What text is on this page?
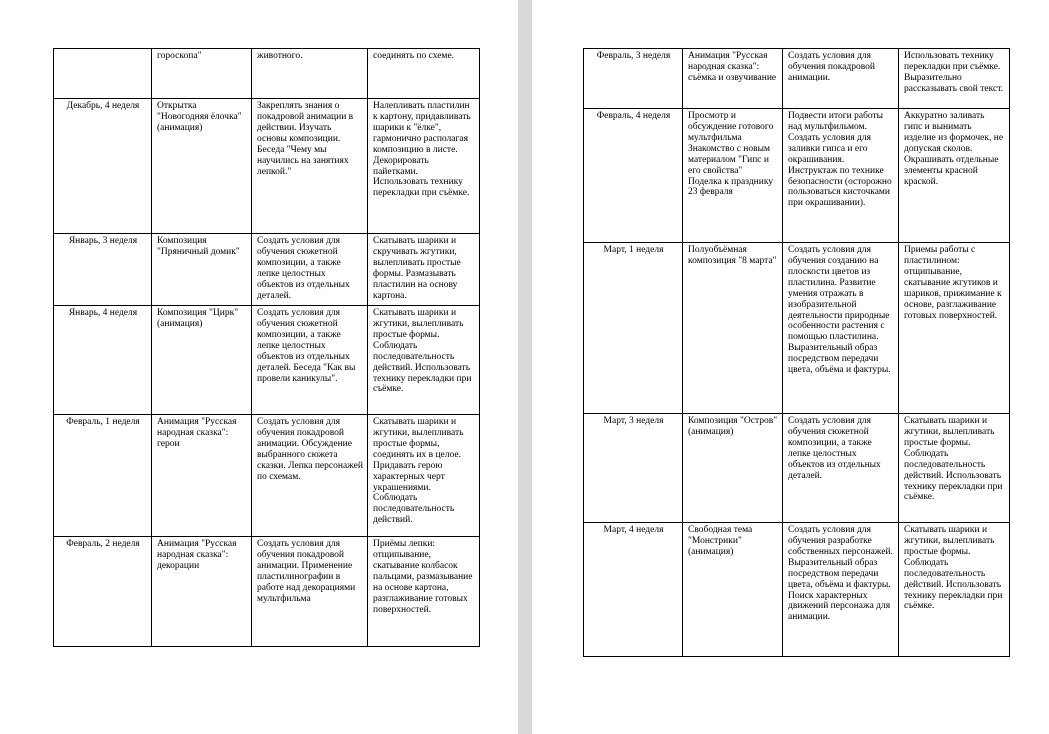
	гороскопа"	животного.	соединять по схеме.
Декабрь, 4 неделя	Открытка "Новогодняя ёлочка" (анимация)	Закреплять знания о покадровой анимации в действии. Изучать основы композиции. Беседа "Чему мы научились на занятиях лепкой."	Налепливать пластилин к картону, придавливать шарики к "ёлке", гармонично располагая композицию в листе. Декорировать пайетками. Использовать технику перекладки при съёмке.
Январь, 3 неделя	Композиция "Пряничный домик"	Создать условия для обучения сюжетной композиции, а также лепке целостных объектов из отдельных деталей.	Скатывать шарики и скручивать жгутики, вылепливать простые формы. Размазывать пластилин на основу картона.
Январь, 4 неделя	Композиция "Цирк" (анимация)	Создать условия для обучения сюжетной композиции, а также лепке целостных объектов из отдельных деталей. Беседа "Как вы провели каникулы".	Скатывать шарики и жгутики, вылепливать простые формы. Соблюдать последовательность действий. Использовать технику перекладки при съёмке.
Февраль, 1 неделя	Анимация "Русская народная сказка": герои	Создать условия для обучения покадровой анимации. Обсуждение выбранного сюжета сказки. Лепка персонажей по схемам.	Скатывать шарики и жгутики, вылепливать простые формы, соединять их в целое. Придавать герою характерных черт украшениями. Соблюдать последовательность действий.
Февраль, 2 неделя	Анимация "Русская народная сказка": декорации	Создать условия для обучения покадровой анимации. Применение пластилинографии в работе над декорациями мультфильма	Приёмы лепки: отщипывание, скатывание колбасок пальцами, размазывание на основе картона, разглаживание готовых поверхностей.
Февраль, 3 неделя	Анимация "Русская народная сказка": съёмка и озвучивание	Создать условия для обучения покадровой анимации.	Использовать технику перекладки при съёмке. Выразительно рассказывать свой текст.
Февраль, 4 неделя	Просмотр и обсуждение готового мультфильма Знакомство с новым материалом "Гипс и его свойства" Поделка к празднику 23 февраля	Подвести итоги работы над мультфильмом. Создать условия для заливки гипса и его окрашивания. Инструктаж по технике безопасности (осторожно пользоваться кисточками при окрашивании).	Аккуратно заливать гипс и вынимать изделие из формочек, не допуская сколов. Окрашивать отдельные элементы красной краской.
Март, 1 неделя	Полуобъёмная композиция "8 марта"	Создать условия для обучения созданию на плоскости цветов из пластилина. Развитие умения отражать в изобразительной деятельности природные особенности растения с помощью пластилина. Выразительный образ посредством передачи цвета, объёма и фактуры.	Приемы работы с пластилином: отщипывание, скатывание жгутиков и шариков, прижимание к основе, разглаживание готовых поверхностей.
Март, 3 неделя	Композиция "Остров" (анимация)	Создать условия для обучения сюжетной композиции, а также лепке целостных объектов из отдельных деталей.	Скатывать шарики и жгутики, вылепливать простые формы. Соблюдать последовательность действий. Использовать технику перекладки при съёмке.
Март, 4 неделя	Свободная тема "Монстрики" (анимация)	Создать условия для обучения разработке собственных персонажей. Выразительный образ посредством передачи цвета, объёма и фактуры. Поиск характерных движений персонажа для анимации.	Скатывать шарики и жгутики, вылепливать простые формы. Соблюдать последовательность действий. Использовать технику перекладки при съёмке.
